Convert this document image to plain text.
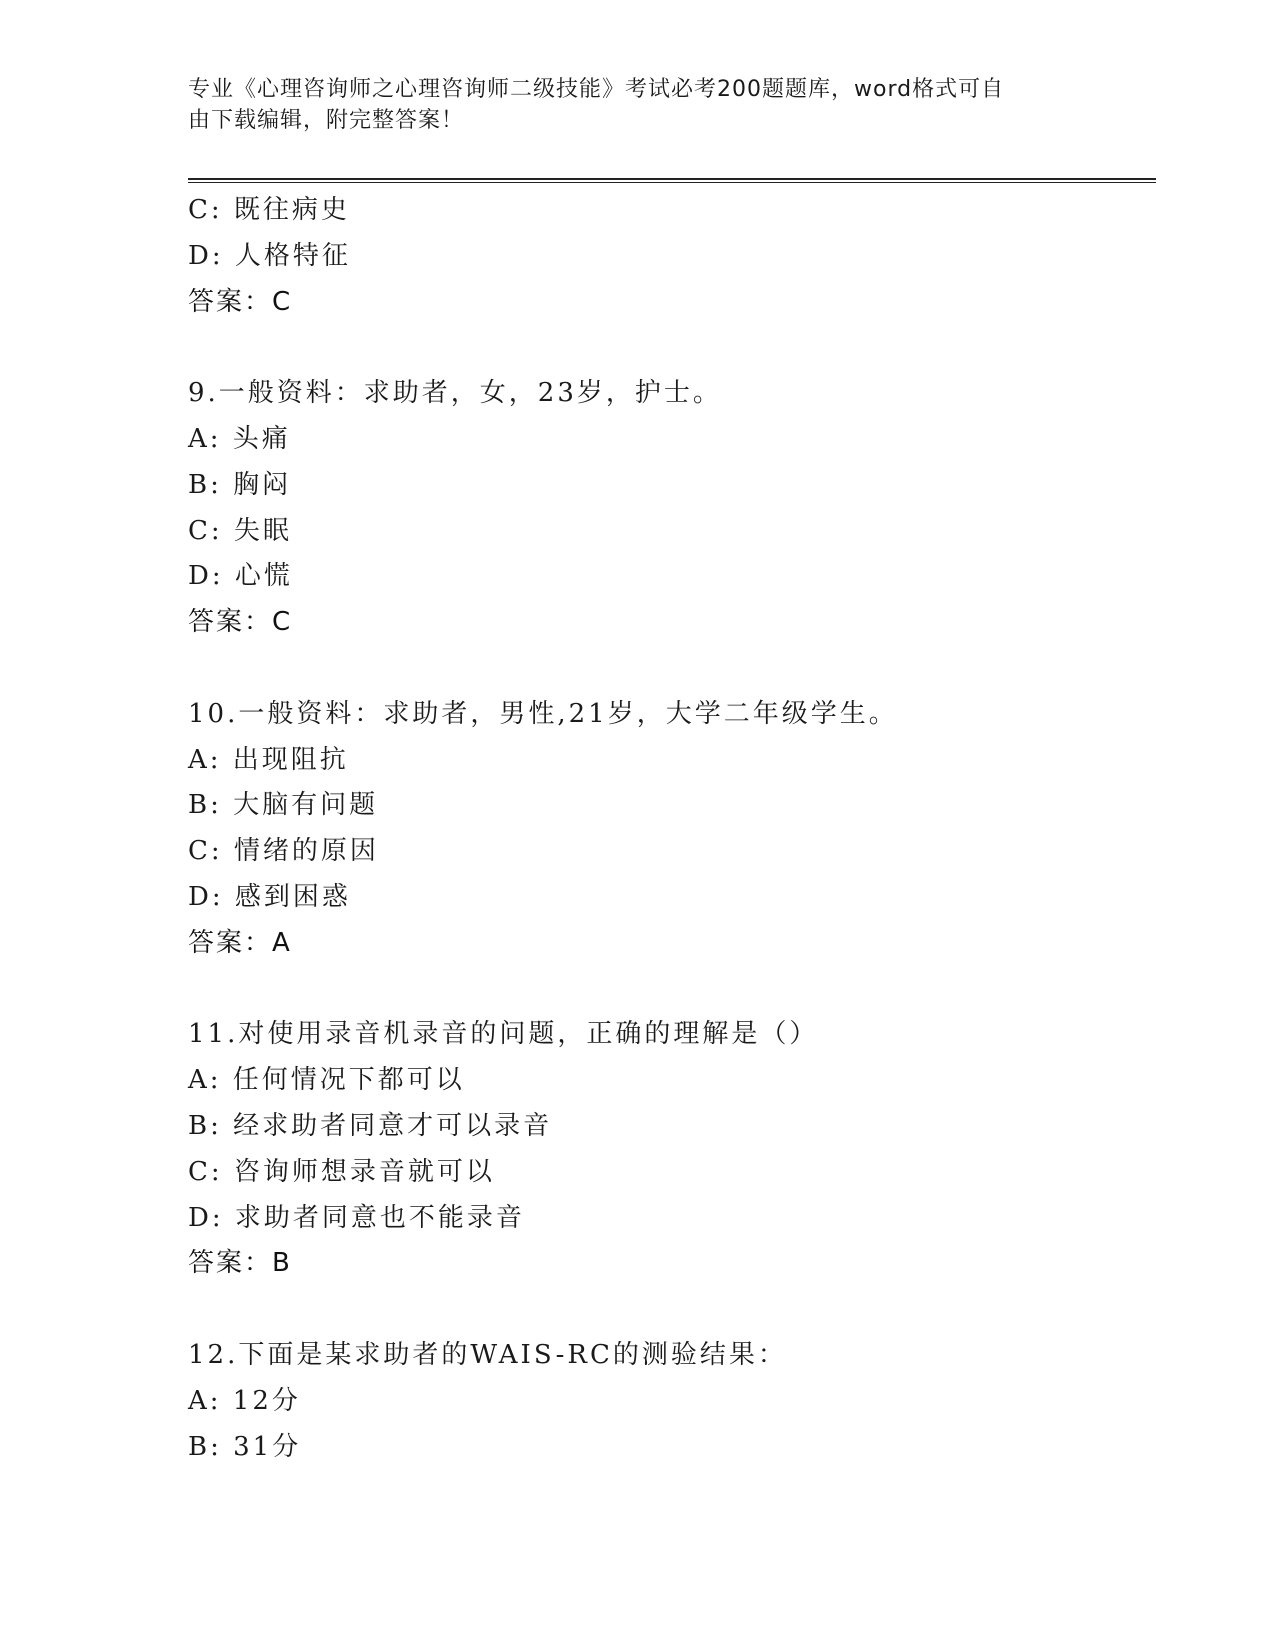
专业《心理咨询师之心理咨询师二级技能》考试必考200题题库，word格式可自
由下载编辑，附完整答案！
C: 既往病史
D: 人格特征
答案：C
9.一般资料：求助者，女，23岁，护士。
A: 头痛
B: 胸闷
C: 失眠
D: 心慌
答案：C
10.一般资料：求助者，男性,21岁，大学二年级学生。
A: 出现阻抗
B: 大脑有问题
C: 情绪的原因
D: 感到困惑
答案：A
11.对使用录音机录音的问题，正确的理解是（）
A: 任何情况下都可以
B: 经求助者同意才可以录音
C: 咨询师想录音就可以
D: 求助者同意也不能录音
答案：B
12.下面是某求助者的WAIS-RC的测验结果：
A: 12分
B: 31分
